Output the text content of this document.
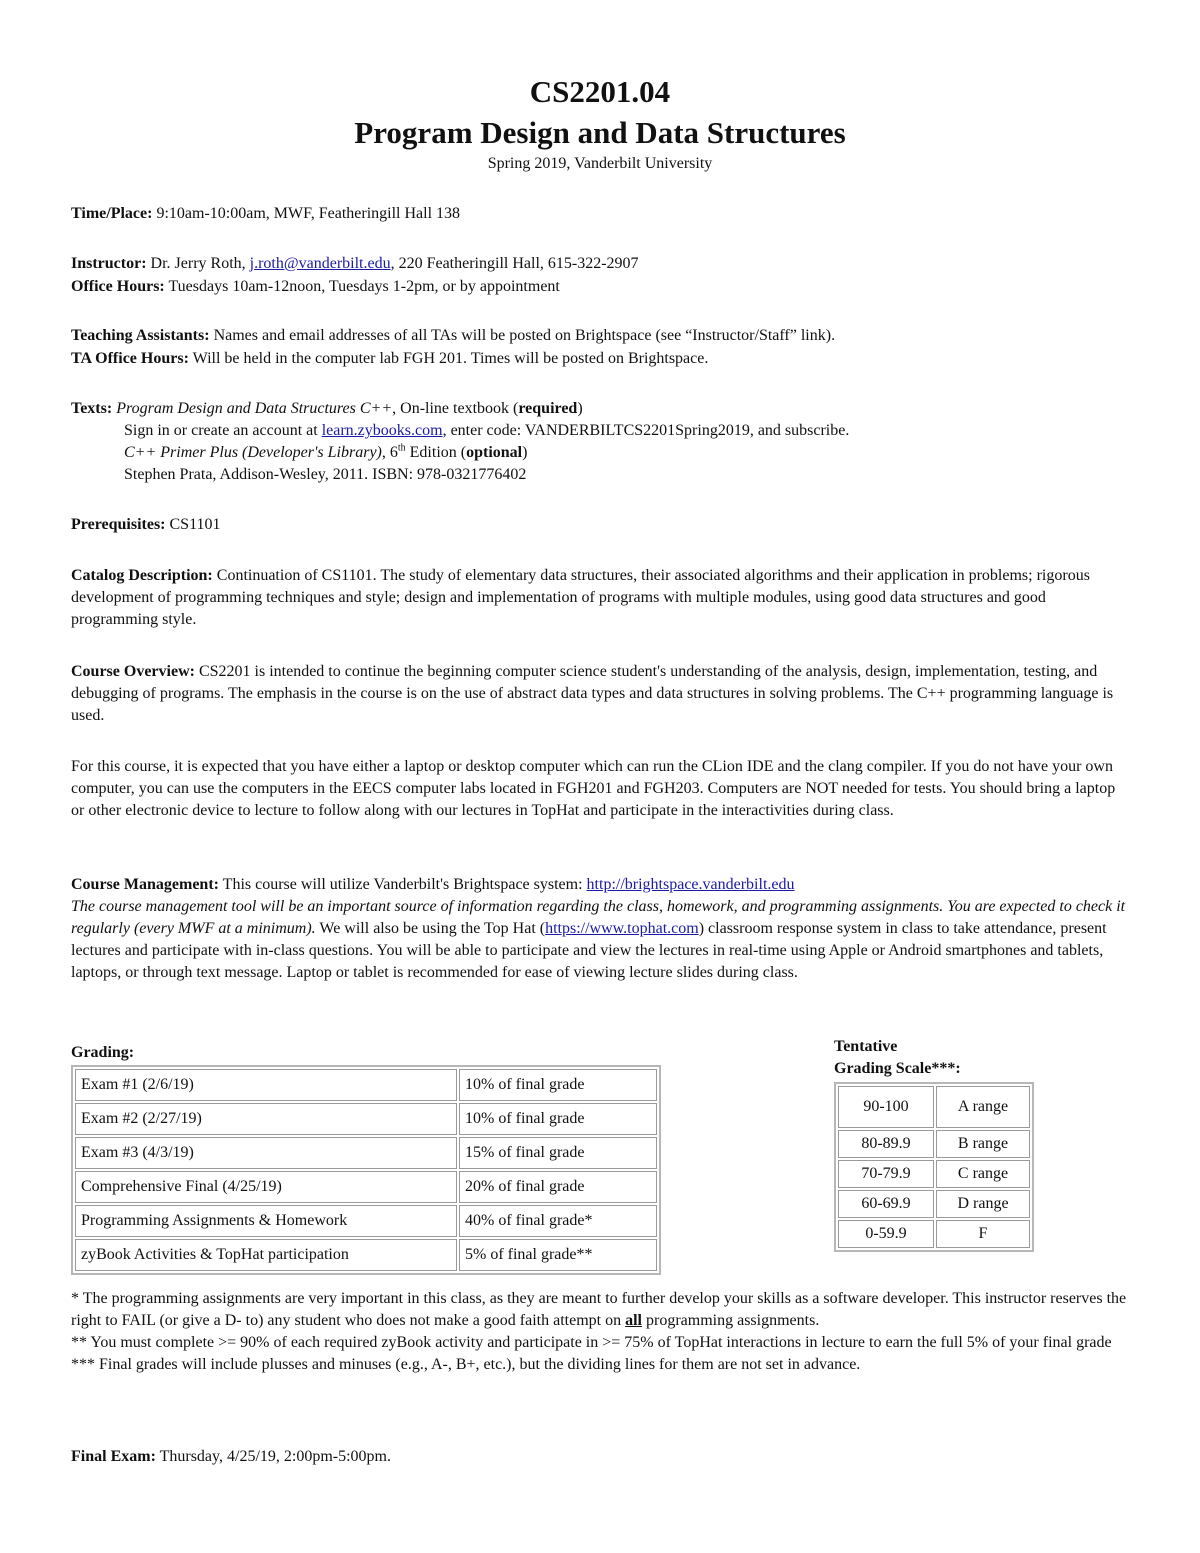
CS2201.04
Program Design and Data Structures
Spring 2019, Vanderbilt University
Time/Place: 9:10am-10:00am, MWF, Featheringill Hall 138
Instructor: Dr. Jerry Roth, j.roth@vanderbilt.edu, 220 Featheringill Hall, 615-322-2907
Office Hours: Tuesdays 10am-12noon, Tuesdays 1-2pm, or by appointment
Teaching Assistants: Names and email addresses of all TAs will be posted on Brightspace (see “Instructor/Staff” link).
TA Office Hours: Will be held in the computer lab FGH 201. Times will be posted on Brightspace.
Texts: Program Design and Data Structures C++, On-line textbook (required)
Sign in or create an account at learn.zybooks.com, enter code: VANDERBILTCS2201Spring2019, and subscribe.
C++ Primer Plus (Developer's Library), 6th Edition (optional)
Stephen Prata, Addison-Wesley, 2011. ISBN: 978-0321776402
Prerequisites: CS1101
Catalog Description: Continuation of CS1101. The study of elementary data structures, their associated algorithms and their application in problems; rigorous development of programming techniques and style; design and implementation of programs with multiple modules, using good data structures and good programming style.
Course Overview: CS2201 is intended to continue the beginning computer science student's understanding of the analysis, design, implementation, testing, and debugging of programs. The emphasis in the course is on the use of abstract data types and data structures in solving problems. The C++ programming language is used.
For this course, it is expected that you have either a laptop or desktop computer which can run the CLion IDE and the clang compiler. If you do not have your own computer, you can use the computers in the EECS computer labs located in FGH201 and FGH203. Computers are NOT needed for tests. You should bring a laptop or other electronic device to lecture to follow along with our lectures in TopHat and participate in the interactivities during class.
Course Management: This course will utilize Vanderbilt's Brightspace system: http://brightspace.vanderbilt.edu
The course management tool will be an important source of information regarding the class, homework, and programming assignments. You are expected to check it regularly (every MWF at a minimum). We will also be using the Top Hat (https://www.tophat.com) classroom response system in class to take attendance, present lectures and participate with in-class questions. You will be able to participate and view the lectures in real-time using Apple or Android smartphones and tablets, laptops, or through text message. Laptop or tablet is recommended for ease of viewing lecture slides during class.
Grading:
Exam #1 (2/6/19)	10% of final grade
Exam #2 (2/27/19)	10% of final grade
Exam #3 (4/3/19)	15% of final grade
Comprehensive Final (4/25/19)	20% of final grade
Programming Assignments & Homework	40% of final grade*
zyBook Activities & TopHat participation	5% of final grade**
Tentative
Grading Scale***:
90-100	A range
80-89.9	B range
70-79.9	C range
60-69.9	D range
0-59.9	F
* The programming assignments are very important in this class, as they are meant to further develop your skills as a software developer. This instructor reserves the right to FAIL (or give a D- to) any student who does not make a good faith attempt on all programming assignments.
** You must complete >= 90% of each required zyBook activity and participate in >= 75% of TopHat interactions in lecture to earn the full 5% of your final grade
*** Final grades will include plusses and minuses (e.g., A-, B+, etc.), but the dividing lines for them are not set in advance.
Final Exam: Thursday, 4/25/19, 2:00pm-5:00pm.
